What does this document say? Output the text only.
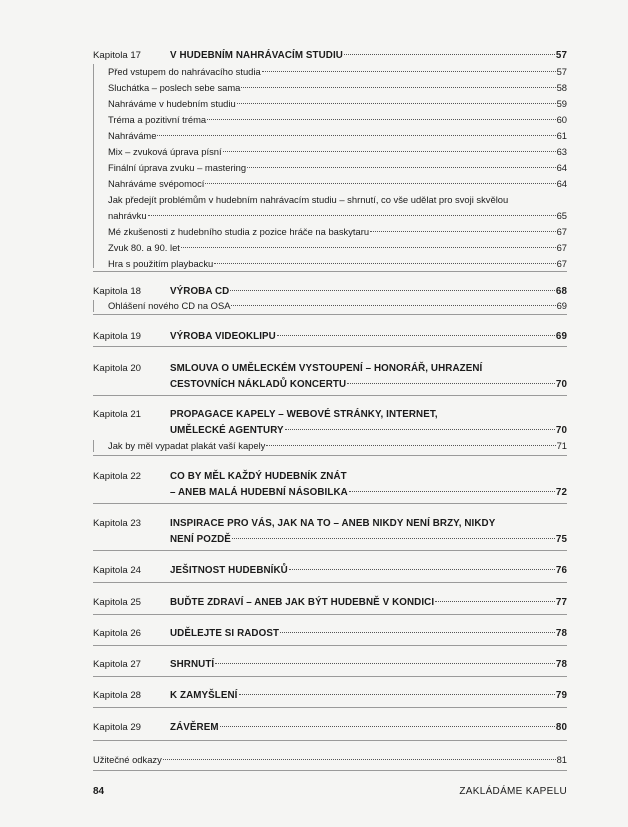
Kapitola 17	V HUDEBNÍM NAHRÁVACÍM STUDIU	57
Před vstupem do nahrávacího studia	57
Sluchátka – poslech sebe sama	58
Nahráváme v hudebním studiu	59
Tréma a pozitivní tréma	60
Nahráváme	61
Mix – zvuková úprava písní	63
Finální úprava zvuku – mastering	64
Nahráváme svépomocí	64
Jak předejít problémům v hudebním nahrávacím studiu – shrnutí, co vše udělat pro svoji skvělou
nahrávku	65
Mé zkušenosti z hudebního studia z pozice hráče na baskytaru	67
Zvuk 80. a 90. let	67
Hra s použitím playbacku	67
Kapitola 18	VÝROBA CD	68
Ohlášení nového CD na OSA	69
Kapitola 19	VÝROBA VIDEOKLIPU	69
Kapitola 20	SMLOUVA O UMĚLECKÉM VYSTOUPENÍ – HONORÁŘ, UHRAZENÍ
CESTOVNÍCH NÁKLADŮ KONCERTU	70
Kapitola 21	PROPAGACE KAPELY – WEBOVÉ STRÁNKY, INTERNET,
UMĚLECKÉ AGENTURY	70
Jak by měl vypadat plakát vaší kapely	71
Kapitola 22	CO BY MĚL KAŽDÝ HUDEBNÍK ZNÁT
– ANEB MALÁ HUDEBNÍ NÁSOBILKA	72
Kapitola 23	INSPIRACE PRO VÁS, JAK NA TO – ANEB NIKDY NENÍ BRZY, NIKDY
NENÍ POZDĚ	75
Kapitola 24	JEŠITNOST HUDEBNÍKŮ	76
Kapitola 25	BUĎTE ZDRAVÍ – ANEB JAK BÝT HUDEBNĚ V KONDICI	77
Kapitola 26	UDĚLEJTE SI RADOST	78
Kapitola 27	SHRNUTÍ	78
Kapitola 28	K ZAMYŠLENÍ	79
Kapitola 29	ZÁVĚREM	80
Užitečné odkazy	81
84	ZAKLÁDÁME KAPELU
